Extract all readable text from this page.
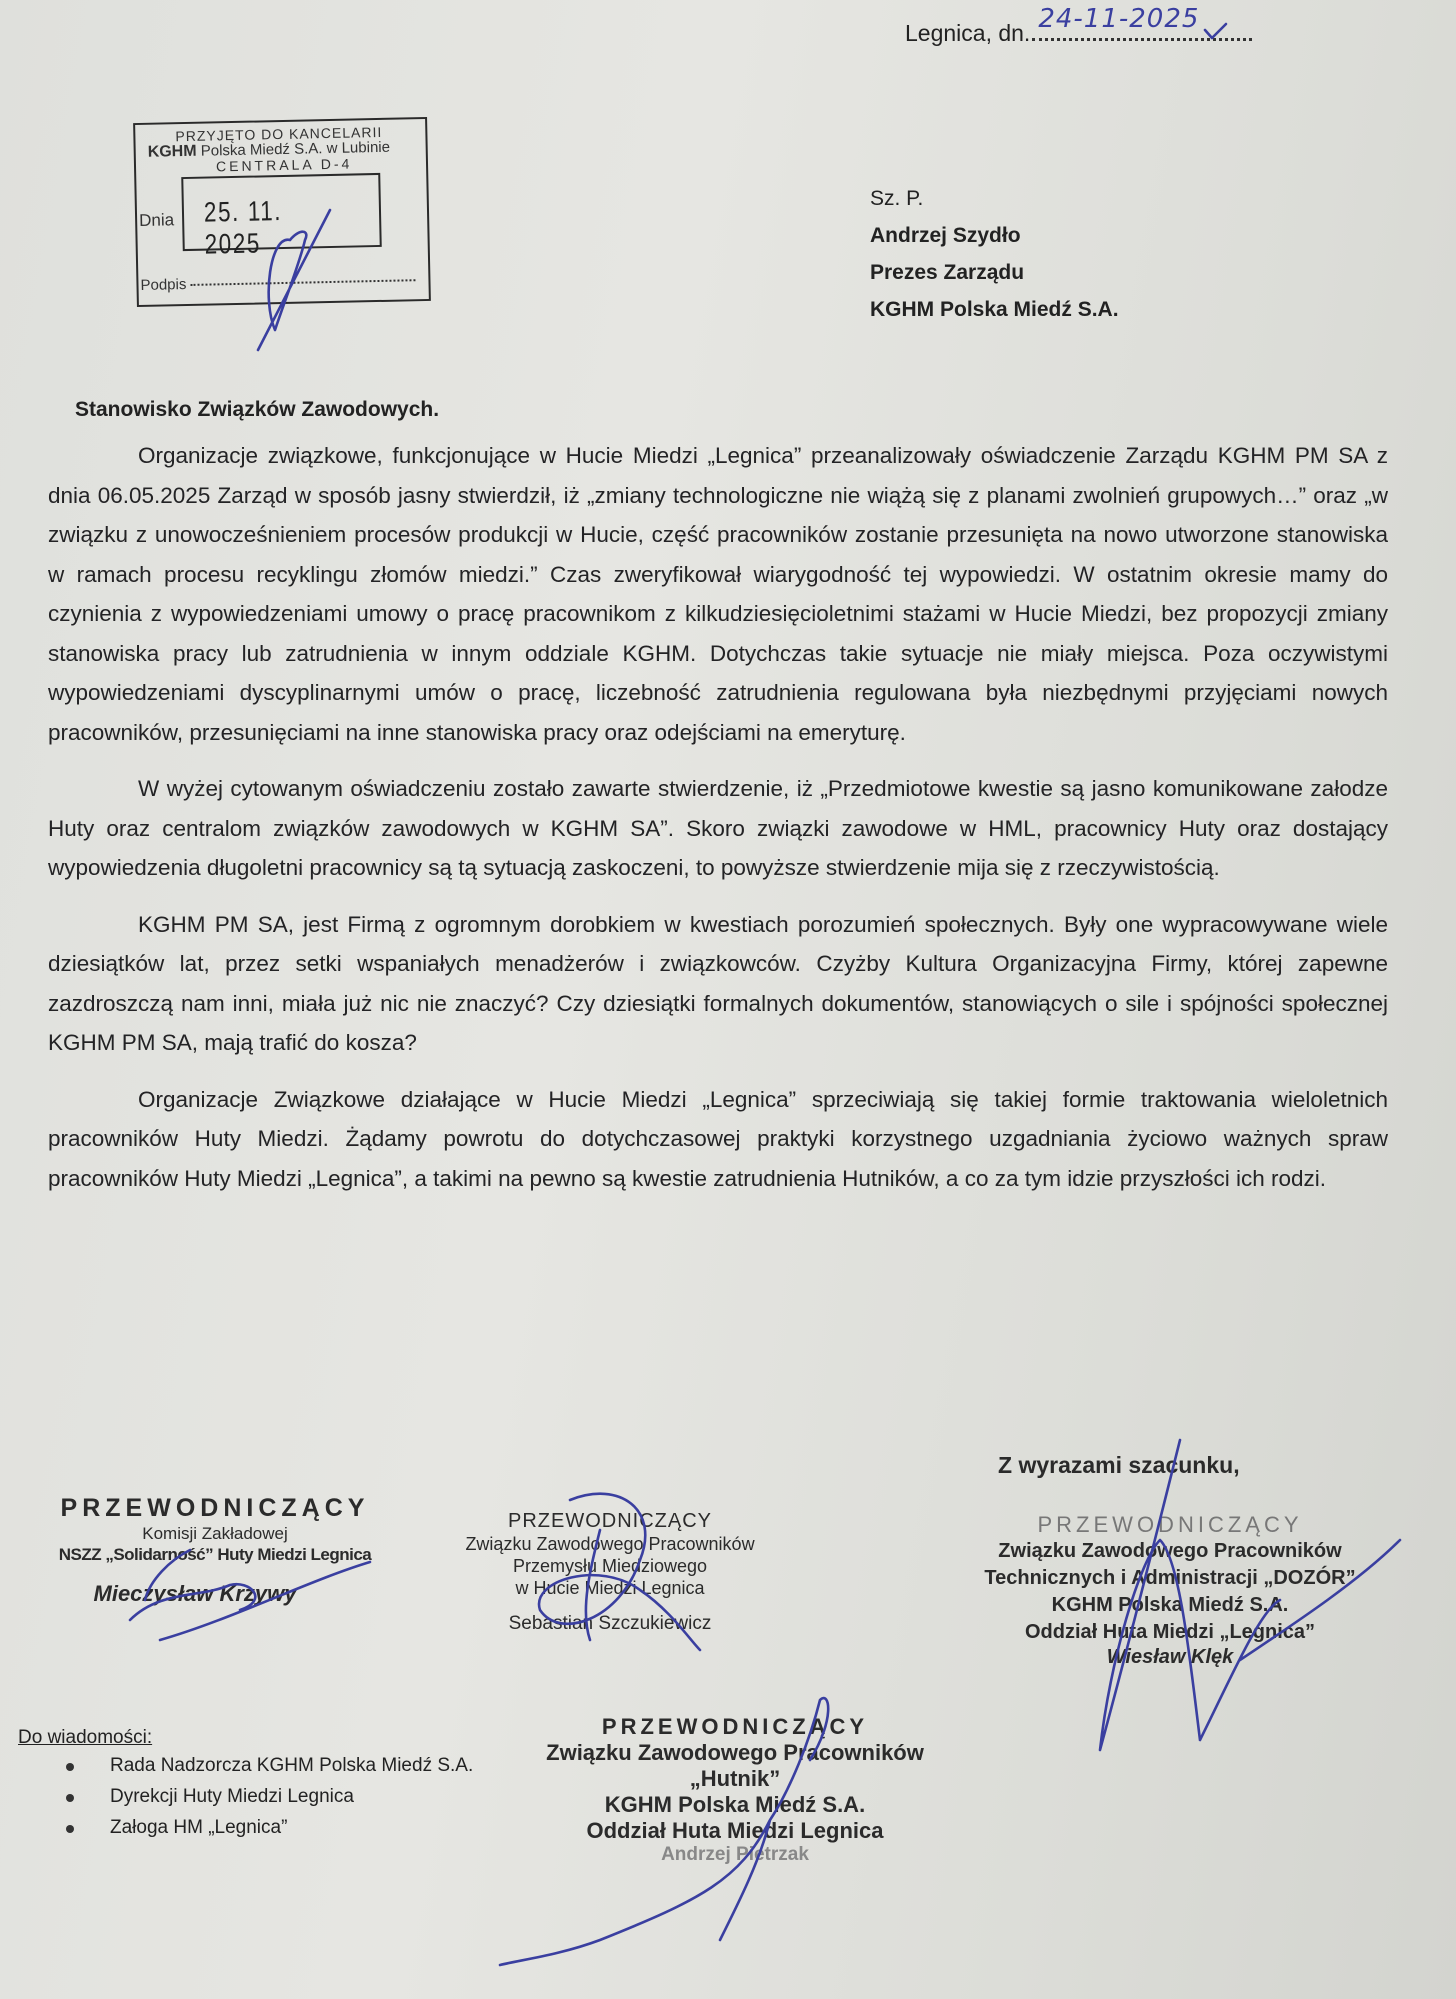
Legnica, dn. 24-11-2025
PRZYJĘTO DO KANCELARII
KGHM Polska Miedź S.A. w Lubinie
CENTRALA D-4
25. 11. 2025
Dnia
Podpis
Sz. P.
Andrzej Szydło
Prezes Zarządu
KGHM Polska Miedź S.A.
Stanowisko Związków Zawodowych.

Organizacje związkowe, funkcjonujące w Hucie Miedzi „Legnica” przeanalizowały oświadczenie Zarządu KGHM PM SA z dnia 06.05.2025 Zarząd w sposób jasny stwierdził, iż „zmiany technologiczne nie wiążą się z planami zwolnień grupowych…” oraz „w związku z unowocześnieniem procesów produkcji w Hucie, część pracowników zostanie przesunięta na nowo utworzone stanowiska w ramach procesu recyklingu złomów miedzi.” Czas zweryfikował wiarygodność tej wypowiedzi. W ostatnim okresie mamy do czynienia z wypowiedzeniami umowy o pracę pracownikom z kilkudziesięcioletnimi stażami w Hucie Miedzi, bez propozycji zmiany stanowiska pracy lub zatrudnienia w innym oddziale KGHM. Dotychczas takie sytuacje nie miały miejsca. Poza oczywistymi wypowiedzeniami dyscyplinarnymi umów o pracę, liczebność zatrudnienia regulowana była niezbędnymi przyjęciami nowych pracowników, przesunięciami na inne stanowiska pracy oraz odejściami na emeryturę.

W wyżej cytowanym oświadczeniu zostało zawarte stwierdzenie, iż „Przedmiotowe kwestie są jasno komunikowane załodze Huty oraz centralom związków zawodowych w KGHM SA”. Skoro związki zawodowe w HML, pracownicy Huty oraz dostający wypowiedzenia długoletni pracownicy są tą sytuacją zaskoczeni, to powyższe stwierdzenie mija się z rzeczywistością.

KGHM PM SA, jest Firmą z ogromnym dorobkiem w kwestiach porozumień społecznych. Były one wypracowywane wiele dziesiątków lat, przez setki wspaniałych menadżerów i związkowców. Czyżby Kultura Organizacyjna Firmy, której zapewne zazdroszczą nam inni, miała już nic nie znaczyć? Czy dziesiątki formalnych dokumentów, stanowiących o sile i spójności społecznej KGHM PM SA, mają trafić do kosza?

Organizacje Związkowe działające w Hucie Miedzi „Legnica” sprzeciwiają się takiej formie traktowania wieloletnich pracowników Huty Miedzi. Żądamy powrotu do dotychczasowej praktyki korzystnego uzgadniania życiowo ważnych spraw pracowników Huty Miedzi „Legnica”, a takimi na pewno są kwestie zatrudnienia Hutników, a co za tym idzie przyszłości ich rodzi.

Z wyrazami szacunku,
PRZEWODNICZĄCY
Komisji Zakładowej
NSZZ „Solidarność” Huty Miedzi Legnica
Mieczysław Krzywy
PRZEWODNICZĄCY
Związku Zawodowego Pracowników
Przemysłu Miedziowego
w Hucie Miedzi Legnica
Sebastian Szczukiewicz
PRZEWODNICZĄCY
Związku Zawodowego Pracowników
Technicznych i Administracji „DOZÓR”
KGHM Polska Miedź S.A.
Oddział Huta Miedzi „Legnica”
Wiesław Klęk
PRZEWODNICZĄCY
Związku Zawodowego Pracowników
„Hutnik”
KGHM Polska Miedź S.A.
Oddział Huta Miedzi Legnica
Andrzej Pietrzak
Do wiadomości:
Rada Nadzorcza KGHM Polska Miedź S.A.
Dyrekcji Huty Miedzi Legnica
Załoga HM „Legnica”
